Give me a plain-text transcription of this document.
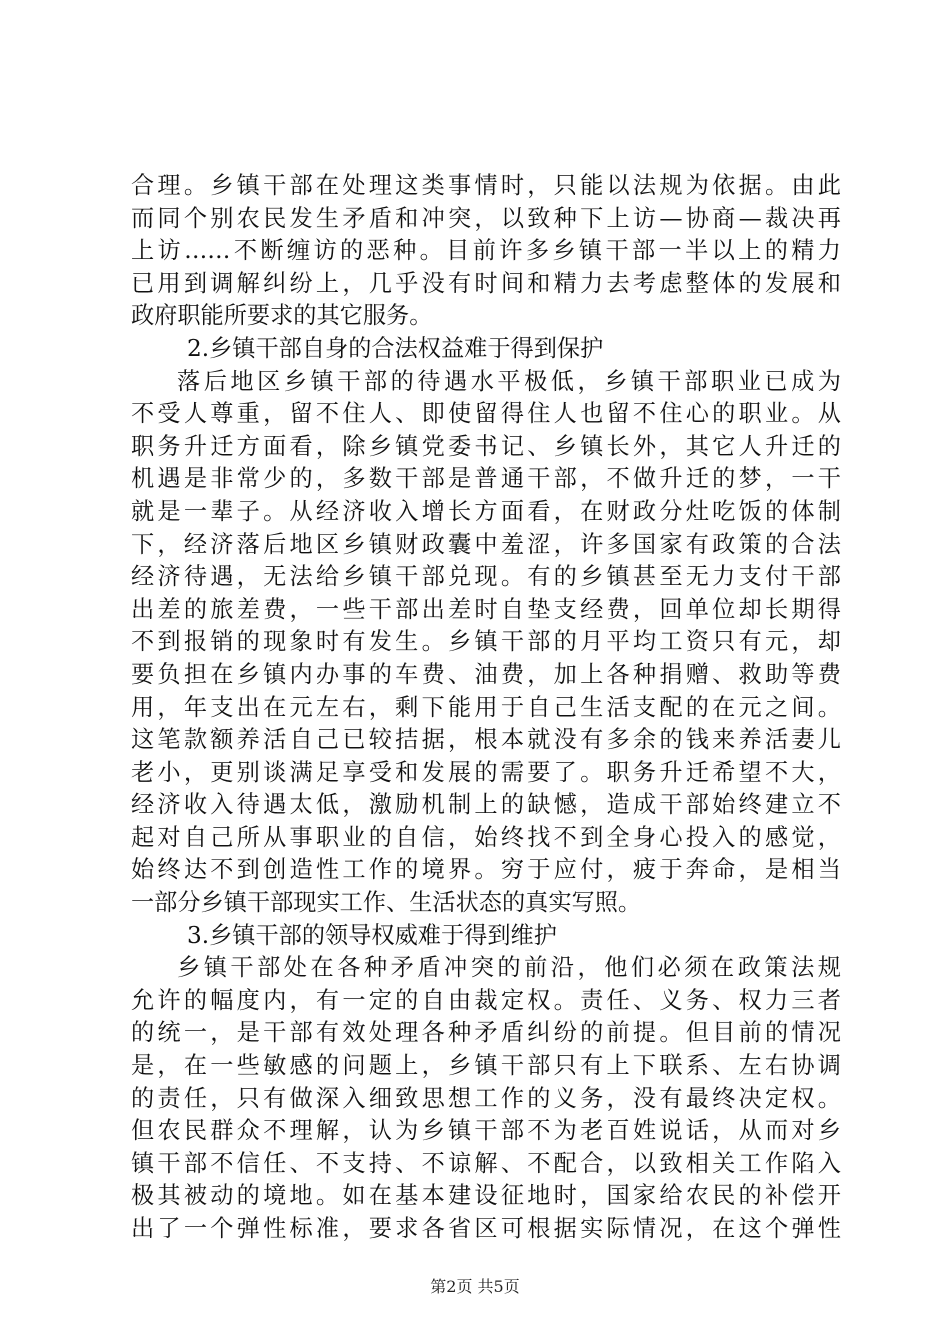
合理。乡镇干部在处理这类事情时，只能以法规为依据。由此
而同个别农民发生矛盾和冲突，以致种下上访—协商—裁决再
上访……不断缠访的恶种。目前许多乡镇干部一半以上的精力
已用到调解纠纷上，几乎没有时间和精力去考虑整体的发展和
政府职能所要求的其它服务。
2.乡镇干部自身的合法权益难于得到保护
落后地区乡镇干部的待遇水平极低，乡镇干部职业已成为
不受人尊重，留不住人、即使留得住人也留不住心的职业。从
职务升迁方面看，除乡镇党委书记、乡镇长外，其它人升迁的
机遇是非常少的，多数干部是普通干部，不做升迁的梦，一干
就是一辈子。从经济收入增长方面看，在财政分灶吃饭的体制
下，经济落后地区乡镇财政囊中羞涩，许多国家有政策的合法
经济待遇，无法给乡镇干部兑现。有的乡镇甚至无力支付干部
出差的旅差费，一些干部出差时自垫支经费，回单位却长期得
不到报销的现象时有发生。乡镇干部的月平均工资只有元，却
要负担在乡镇内办事的车费、油费，加上各种捐赠、救助等费
用，年支出在元左右，剩下能用于自己生活支配的在元之间。
这笔款额养活自己已较拮据，根本就没有多余的钱来养活妻儿
老小，更别谈满足享受和发展的需要了。职务升迁希望不大，
经济收入待遇太低，激励机制上的缺憾，造成干部始终建立不
起对自己所从事职业的自信，始终找不到全身心投入的感觉，
始终达不到创造性工作的境界。穷于应付，疲于奔命，是相当
一部分乡镇干部现实工作、生活状态的真实写照。
3.乡镇干部的领导权威难于得到维护
乡镇干部处在各种矛盾冲突的前沿，他们必须在政策法规
允许的幅度内，有一定的自由裁定权。责任、义务、权力三者
的统一，是干部有效处理各种矛盾纠纷的前提。但目前的情况
是，在一些敏感的问题上，乡镇干部只有上下联系、左右协调
的责任，只有做深入细致思想工作的义务，没有最终决定权。
但农民群众不理解，认为乡镇干部不为老百姓说话，从而对乡
镇干部不信任、不支持、不谅解、不配合，以致相关工作陷入
极其被动的境地。如在基本建设征地时，国家给农民的补偿开
出了一个弹性标准，要求各省区可根据实际情况，在这个弹性
第2页 共5页
